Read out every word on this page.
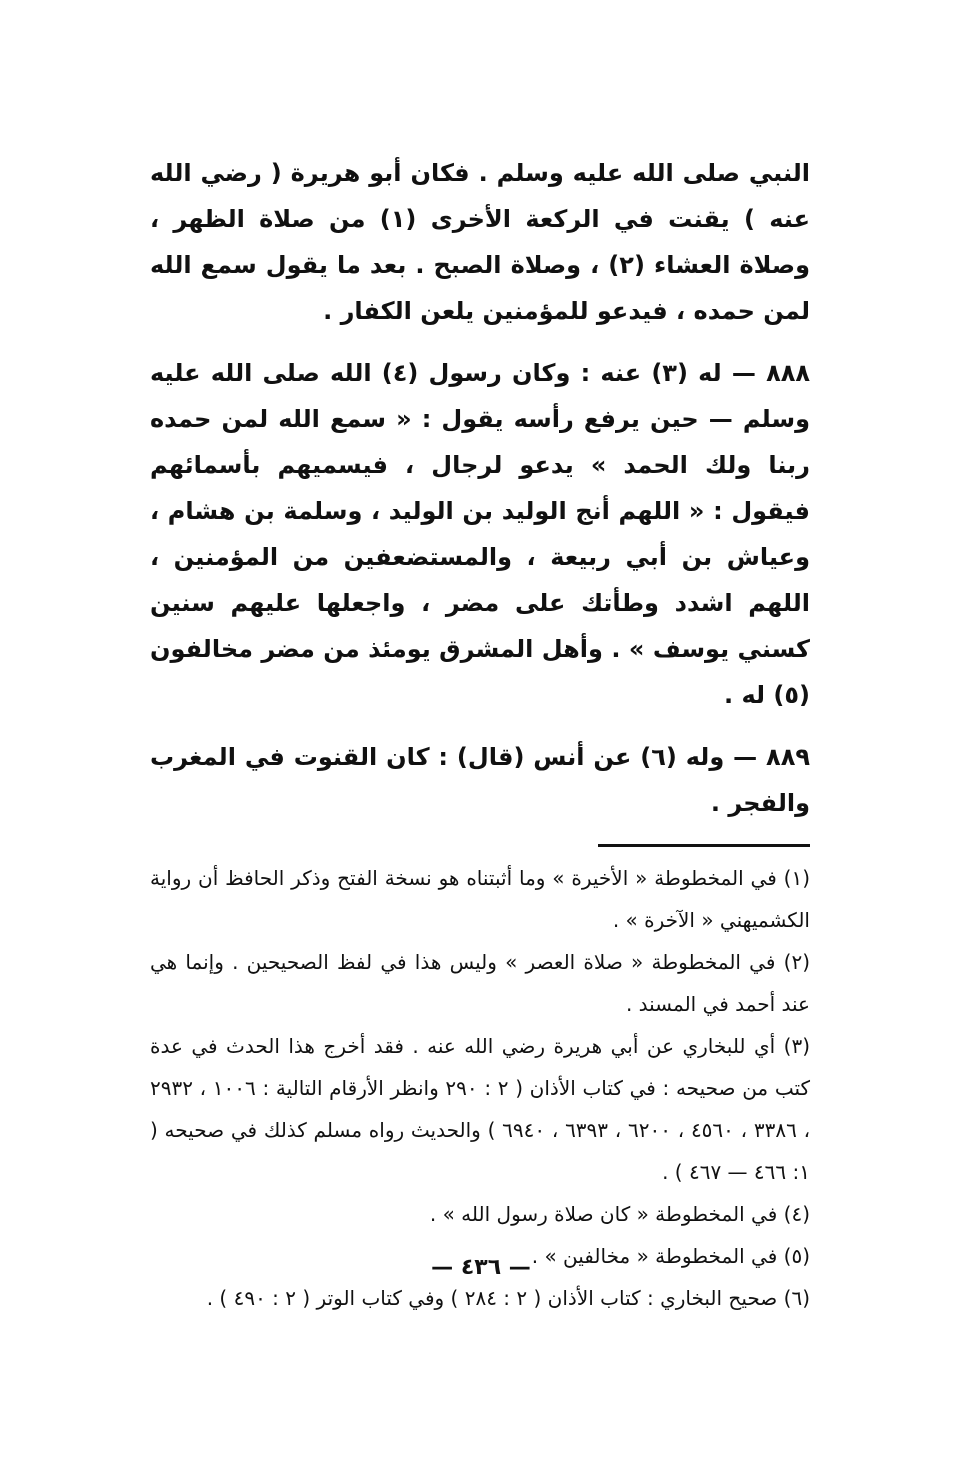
النبي صلى الله عليه وسلم . فكان أبو هريرة ( رضي الله عنه ) يقنت في الركعة الأخرى (١) من صلاة الظهر ، وصلاة العشاء (٢) ، وصلاة الصبح . بعد ما يقول سمع الله لمن حمده ، فيدعو للمؤمنين يلعن الكفار .

٨٨٨ — له (٣) عنه : وكان رسول (٤) الله صلى الله عليه وسلم — حين يرفع رأسه يقول : « سمع الله لمن حمده ربنا ولك الحمد » يدعو لرجال ، فيسميهم بأسمائهم فيقول : « اللهم أنج الوليد بن الوليد ، وسلمة بن هشام ، وعياش بن أبي ربيعة ، والمستضعفين من المؤمنين ، اللهم اشدد وطأتك على مضر ، واجعلها عليهم سنين كسني يوسف » . وأهل المشرق يومئذ من مضر مخالفون (٥) له .

٨٨٩ — وله (٦) عن أنس (قال) : كان القنوت في المغرب والفجر .

(١) في المخطوطة « الأخيرة » وما أثبتناه هو نسخة الفتح وذكر الحافظ أن رواية الكشميهني « الآخرة » .

(٢) في المخطوطة « صلاة العصر » وليس هذا في لفظ الصحيحين . وإنما هي عند أحمد في المسند .

(٣) أي للبخاري عن أبي هريرة رضي الله عنه . فقد أخرج هذا الحدث في عدة كتب من صحيحه : في كتاب الأذان ( ٢ : ٢٩٠ وانظر الأرقام التالية : ١٠٠٦ ، ٢٩٣٢ ، ٣٣٨٦ ، ٤٥٦٠ ، ٦٢٠٠ ، ٦٣٩٣ ، ٦٩٤٠ ) والحديث رواه مسلم كذلك في صحيحه ( ١: ٤٦٦ — ٤٦٧ ) .

(٤) في المخطوطة « كان صلاة رسول الله » .

(٥) في المخطوطة « مخالفين » .

(٦) صحيح البخاري : كتاب الأذان ( ٢ : ٢٨٤ ) وفي كتاب الوتر ( ٢ : ٤٩٠ ) .

— ٤٣٦ —
